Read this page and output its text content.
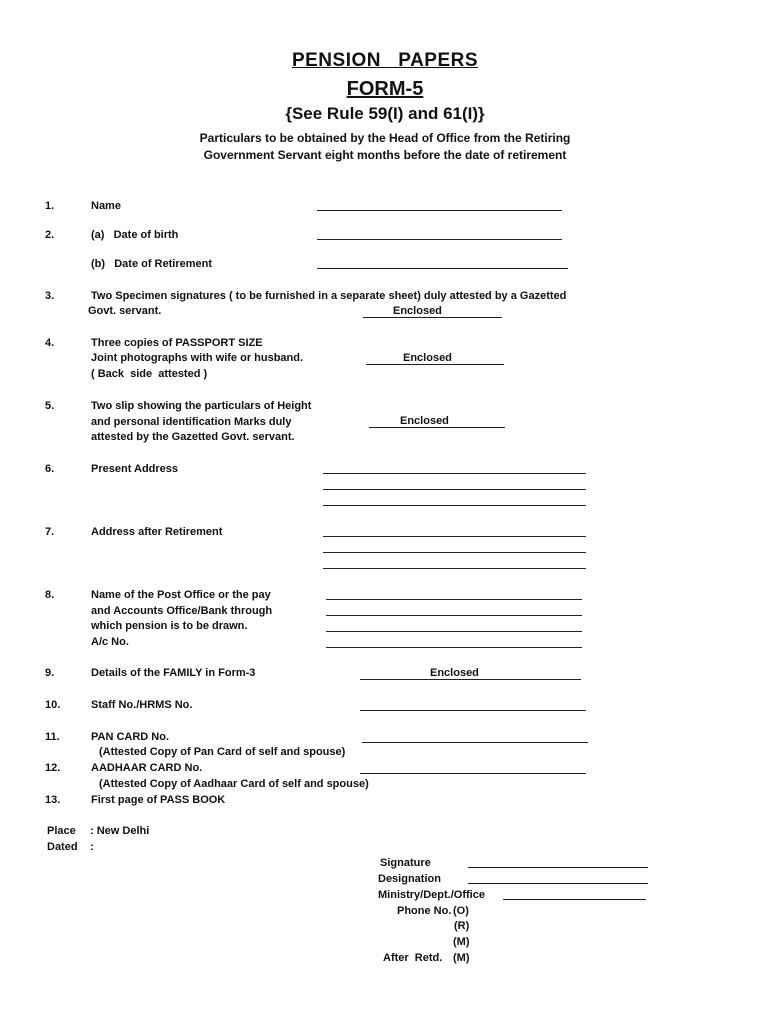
PENSION   PAPERS
FORM-5
{See Rule 59(I) and 61(I)}
Particulars to be obtained by the Head of Office from the Retiring
Government Servant eight months before the date of retirement
1.	Name
2.	(a)   Date of birth
(b)   Date of Retirement
3.	Two Specimen signatures ( to be furnished in a separate sheet) duly attested by a Gazetted
Govt. servant.	Enclosed
4.	Three copies of PASSPORT SIZE
Joint photographs with wife or husband.
( Back  side  attested )
Enclosed
5.	Two slip showing the particulars of Height
and personal identification Marks duly
attested by the Gazetted Govt. servant.
Enclosed
6.	Present Address
7.	Address after Retirement
8.	Name of the Post Office or the pay
and Accounts Office/Bank through
which pension is to be drawn.
A/c No.
9.	Details of the FAMILY in Form-3	Enclosed
10.	Staff No./HRMS No.
11.	PAN CARD No.
(Attested Copy of Pan Card of self and spouse)
12.	AADHAAR CARD No.
(Attested Copy of Aadhaar Card of self and spouse)
13.	First page of PASS BOOK
Place : New Delhi
Dated :
Signature
Designation
Ministry/Dept./Office
Phone No. (O)
(R)
(M)
After  Retd. (M)
